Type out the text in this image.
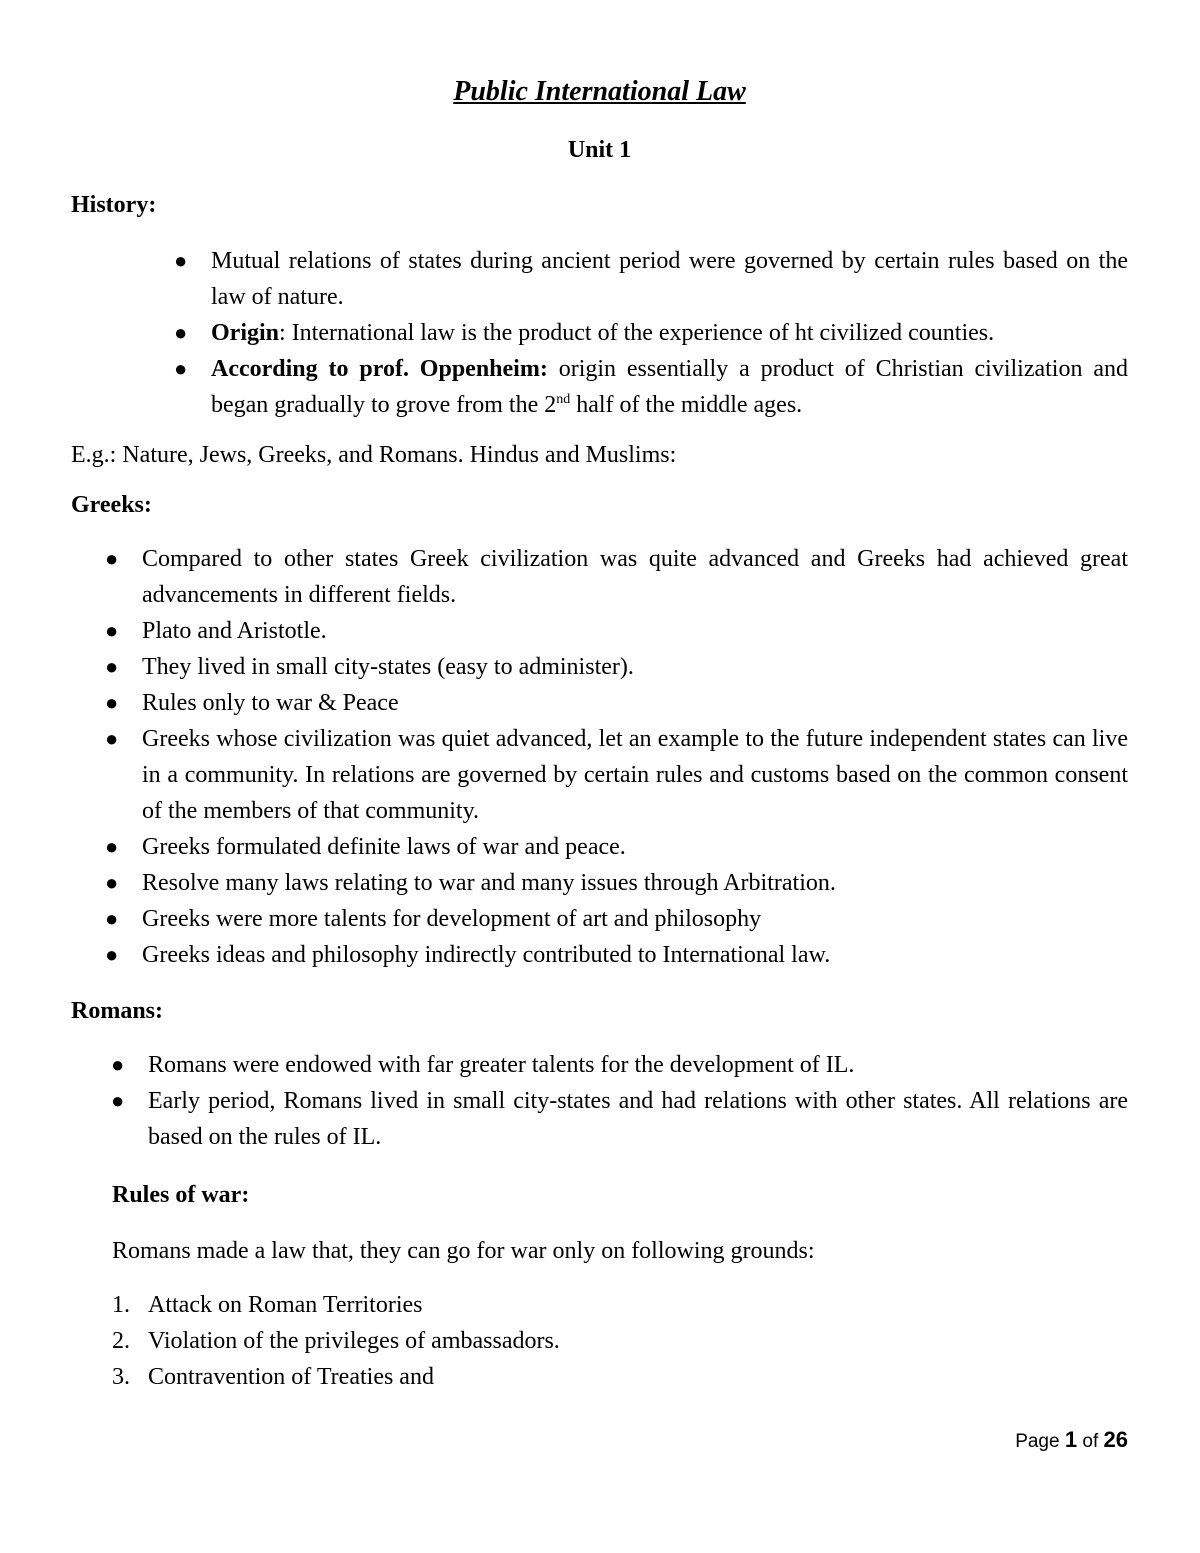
Public International Law

Unit 1

History:

● Mutual relations of states during ancient period were governed by certain rules based on the law of nature.
● Origin: International law is the product of the experience of ht civilized counties.
● According to prof. Oppenheim: origin essentially a product of Christian civilization and began gradually to grove from the 2nd half of the middle ages.

E.g.: Nature, Jews, Greeks, and Romans. Hindus and Muslims:

Greeks:

● Compared to other states Greek civilization was quite advanced and Greeks had achieved great advancements in different fields.
● Plato and Aristotle.
● They lived in small city-states (easy to administer).
● Rules only to war & Peace
● Greeks whose civilization was quiet advanced, let an example to the future independent states can live in a community. In relations are governed by certain rules and customs based on the common consent of the members of that community.
● Greeks formulated definite laws of war and peace.
● Resolve many laws relating to war and many issues through Arbitration.
● Greeks were more talents for development of art and philosophy
● Greeks ideas and philosophy indirectly contributed to International law.

Romans:

● Romans were endowed with far greater talents for the development of IL.
● Early period, Romans lived in small city-states and had relations with other states. All relations are based on the rules of IL.

Rules of war:

Romans made a law that, they can go for war only on following grounds:

1. Attack on Roman Territories
2. Violation of the privileges of ambassadors.
3. Contravention of Treaties and
Page 1 of 26
